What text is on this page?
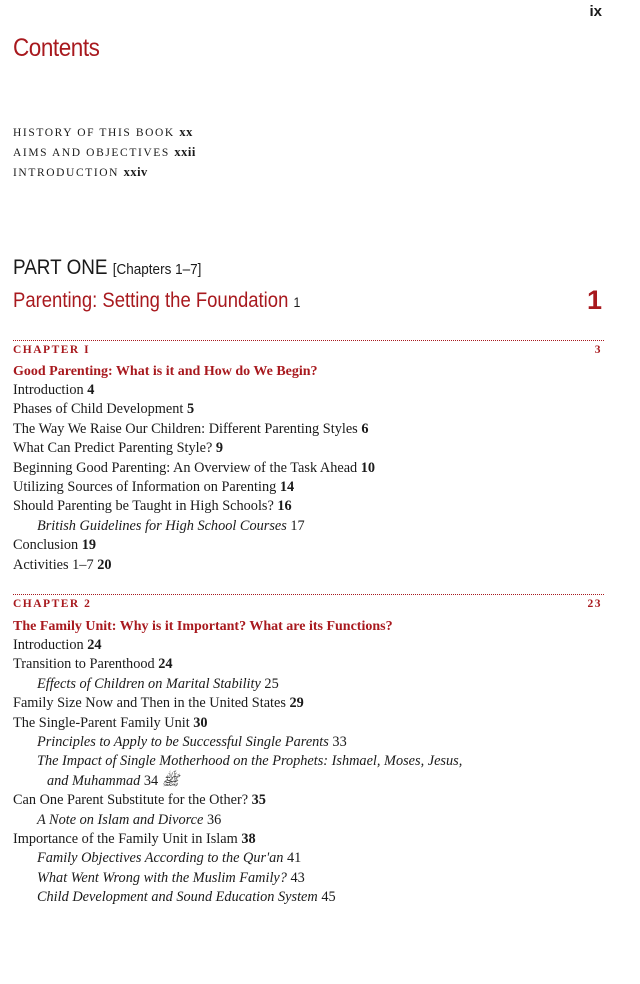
ix
Contents
HISTORY OF THIS BOOK xx
AIMS AND OBJECTIVES xxii
INTRODUCTION xxiv
PART ONE [Chapters 1–7]
Parenting: Setting the Foundation 1	1
CHAPTER I	3
Good Parenting: What is it and How do We Begin?
Introduction 4
Phases of Child Development 5
The Way We Raise Our Children: Different Parenting Styles 6
What Can Predict Parenting Style? 9
Beginning Good Parenting: An Overview of the Task Ahead 10
Utilizing Sources of Information on Parenting 14
Should Parenting be Taught in High Schools? 16
British Guidelines for High School Courses 17
Conclusion 19
Activities 1–7 20
CHAPTER 2	23
The Family Unit: Why is it Important? What are its Functions?
Introduction 24
Transition to Parenthood 24
Effects of Children on Marital Stability 25
Family Size Now and Then in the United States 29
The Single-Parent Family Unit 30
Principles to Apply to be Successful Single Parents 33
The Impact of Single Motherhood on the Prophets: Ishmael, Moses, Jesus,
and Muhammad ﷺ 34
Can One Parent Substitute for the Other? 35
A Note on Islam and Divorce 36
Importance of the Family Unit in Islam 38
Family Objectives According to the Qur'an 41
What Went Wrong with the Muslim Family? 43
Child Development and Sound Education System 45
